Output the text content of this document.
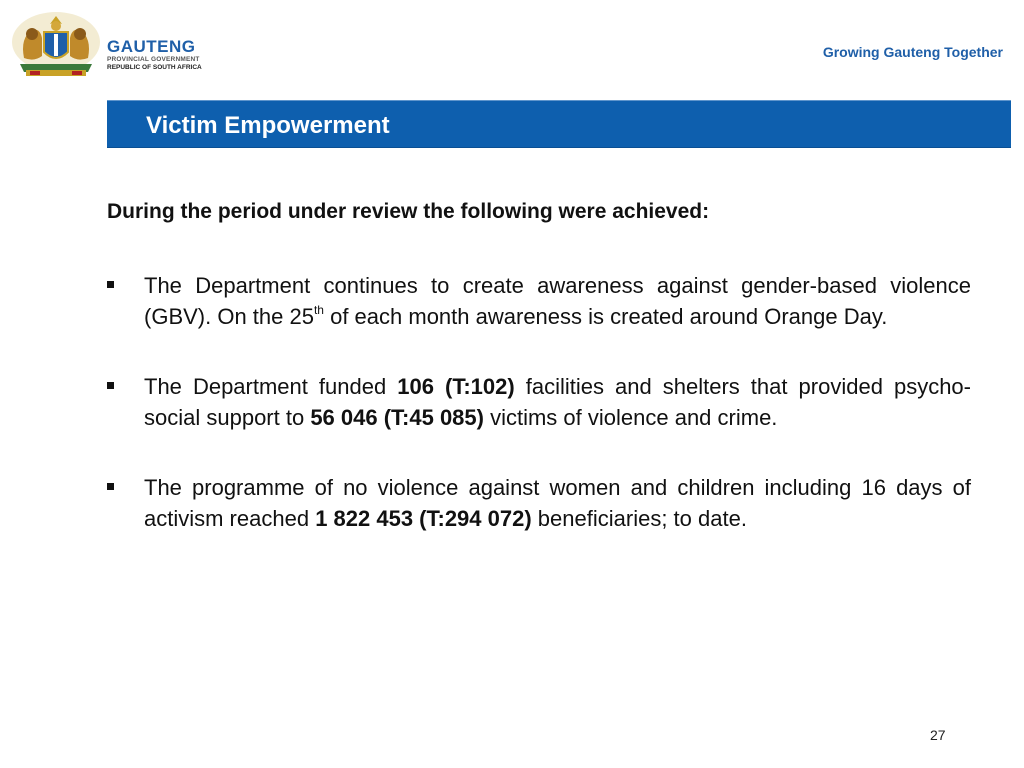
GAUTENG
PROVINCIAL GOVERNMENT
REPUBLIC OF SOUTH AFRICA
Growing Gauteng Together
Victim Empowerment
During the period under review the following were achieved:
The Department continues to create awareness against gender-based violence (GBV). On the 25th of each month awareness is created around Orange Day.
The Department funded 106 (T:102) facilities and shelters that provided psycho-social support to 56 046 (T:45 085) victims of violence and crime.
The programme of no violence against women and children including 16 days of activism reached 1 822 453 (T:294 072) beneficiaries; to date.
27
